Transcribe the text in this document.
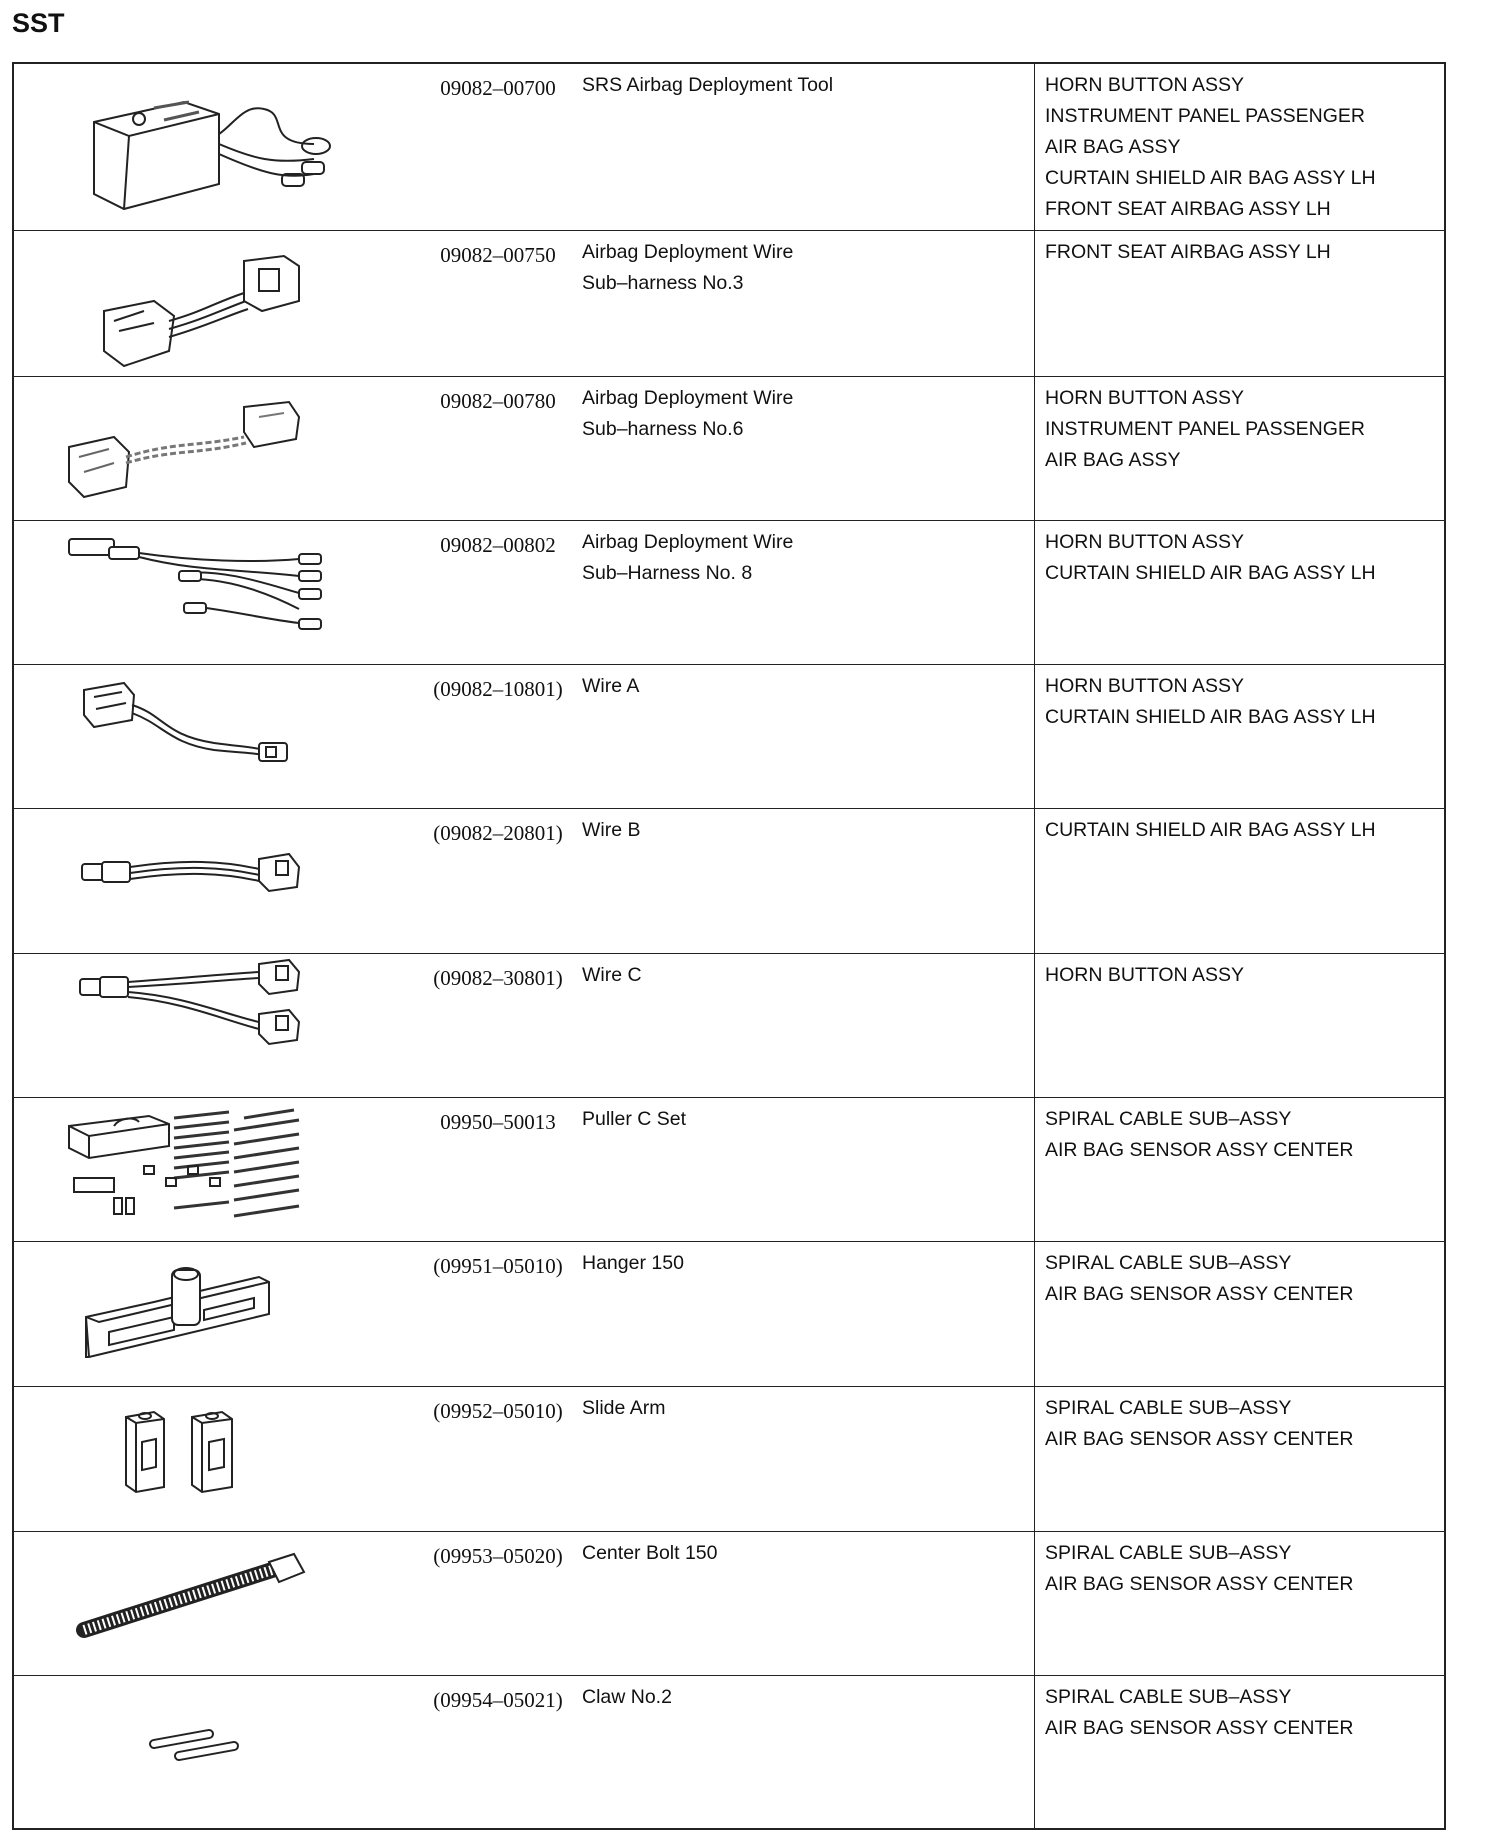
SST
	09082–00700	SRS Airbag Deployment Tool	HORN BUTTON ASSY
INSTRUMENT PANEL PASSENGER
AIR BAG ASSY
CURTAIN SHIELD AIR BAG ASSY LH
FRONT SEAT AIRBAG ASSY LH

	09082–00750	Airbag Deployment Wire
Sub–harness No.3	FRONT SEAT AIRBAG ASSY LH

	09082–00780	Airbag Deployment Wire
Sub–harness No.6	HORN BUTTON ASSY
INSTRUMENT PANEL PASSENGER
AIR BAG ASSY

	09082–00802	Airbag Deployment Wire
Sub–Harness No. 8	HORN BUTTON ASSY
CURTAIN SHIELD AIR BAG ASSY LH

	(09082–10801)	Wire A	HORN BUTTON ASSY
CURTAIN SHIELD AIR BAG ASSY LH

	(09082–20801)	Wire B	CURTAIN SHIELD AIR BAG ASSY LH

	(09082–30801)	Wire C	HORN BUTTON ASSY

	09950–50013	Puller C Set	SPIRAL CABLE SUB–ASSY
AIR BAG SENSOR ASSY CENTER

	(09951–05010)	Hanger 150	SPIRAL CABLE SUB–ASSY
AIR BAG SENSOR ASSY CENTER

	(09952–05010)	Slide Arm	SPIRAL CABLE SUB–ASSY
AIR BAG SENSOR ASSY CENTER

	(09953–05020)	Center Bolt 150	SPIRAL CABLE SUB–ASSY
AIR BAG SENSOR ASSY CENTER

	(09954–05021)	Claw No.2	SPIRAL CABLE SUB–ASSY
AIR BAG SENSOR ASSY CENTER
